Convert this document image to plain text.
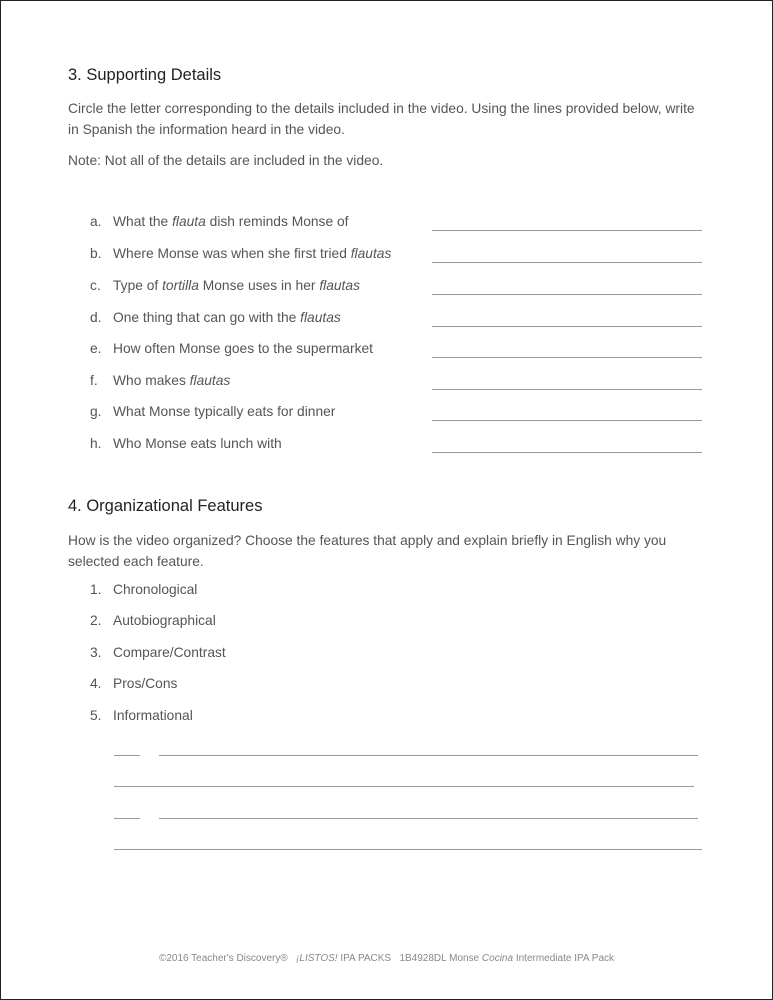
3. Supporting Details

Circle the letter corresponding to the details included in the video. Using the lines provided below, write in Spanish the information heard in the video.

Note: Not all of the details are included in the video.

a. What the flauta dish reminds Monse of
b. Where Monse was when she first tried flautas
c. Type of tortilla Monse uses in her flautas
d. One thing that can go with the flautas
e. How often Monse goes to the supermarket
f.	Who makes flautas
g. What Monse typically eats for dinner
h. Who Monse eats lunch with
4. Organizational Features

How is the video organized? Choose the features that apply and explain briefly in English why you selected each feature.

1. Chronological
2. Autobiographical
3. Compare/Contrast
4. Pros/Cons
5. Informational
©2016 Teacher's Discovery® ¡LISTOS! IPA PACKS   1B4928DL Monse Cocina Intermediate IPA Pack
